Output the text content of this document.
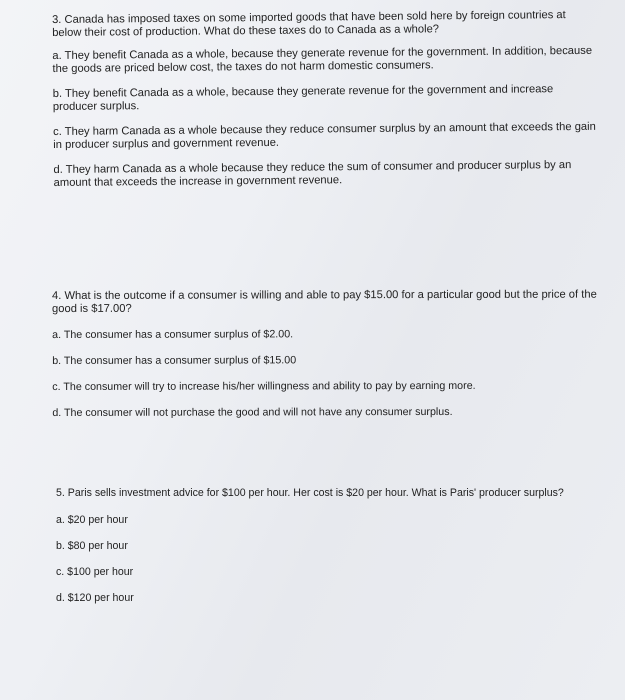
3. Canada has imposed taxes on some imported goods that have been sold here by foreign countries at below their cost of production. What do these taxes do to Canada as a whole?

a. They benefit Canada as a whole, because they generate revenue for the government. In addition, because the goods are priced below cost, the taxes do not harm domestic consumers.

b. They benefit Canada as a whole, because they generate revenue for the government and increase producer surplus.

c. They harm Canada as a whole because they reduce consumer surplus by an amount that exceeds the gain in producer surplus and government revenue.

d. They harm Canada as a whole because they reduce the sum of consumer and producer surplus by an amount that exceeds the increase in government revenue.

4. What is the outcome if a consumer is willing and able to pay $15.00 for a particular good but the price of the good is $17.00?

a. The consumer has a consumer surplus of $2.00.

b. The consumer has a consumer surplus of $15.00

c. The consumer will try to increase his/her willingness and ability to pay by earning more.

d. The consumer will not purchase the good and will not have any consumer surplus.

5. Paris sells investment advice for $100 per hour. Her cost is $20 per hour. What is Paris' producer surplus?

a. $20 per hour

b. $80 per hour

c. $100 per hour

d. $120 per hour
